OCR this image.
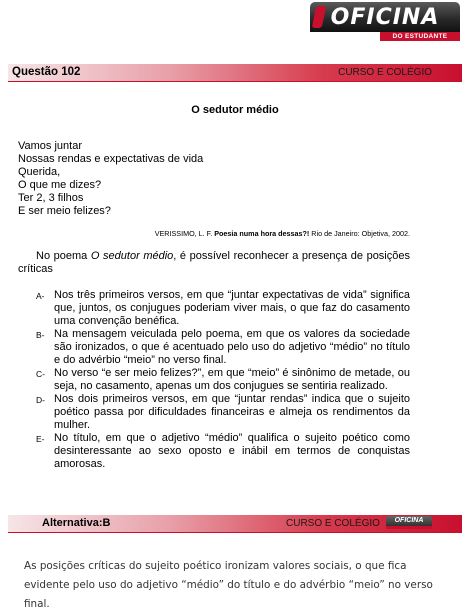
OFICINA
DO ESTUDANTE
Questão 102	CURSO E COLÉGIO
O sedutor médio
Vamos juntar
Nossas rendas e expectativas de vida
Querida,
O que me dizes?
Ter 2, 3 filhos
E ser meio felizes?
VERISSIMO, L. F. Poesia numa hora dessas?! Rio de Janeiro: Objetiva, 2002.
No poema O sedutor médio, é possível reconhecer a presença de posições críticas
A- Nos três primeiros versos, em que “juntar expectativas de vida” significa que, juntos, os conjugues poderiam viver mais, o que faz do casamento uma convenção benéfica.
B- Na mensagem veiculada pelo poema, em que os valores da sociedade são ironizados, o que é acentuado pelo uso do adjetivo “médio” no título e do advérbio “meio” no verso final.
C- No verso “e ser meio felizes?”, em que “meio” é sinônimo de metade, ou seja, no casamento, apenas um dos conjugues se sentiria realizado.
D- Nos dois primeiros versos, em que “juntar rendas” indica que o sujeito poético passa por dificuldades financeiras e almeja os rendimentos da mulher.
E- No título, em que o adjetivo “médio” qualifica o sujeito poético como desinteressante ao sexo oposto e inábil em termos de conquistas amorosas.
Alternativa:B	CURSO E COLÉGIO	OFICINA
As posições críticas do sujeito poético ironizam valores sociais, o que fica evidente pelo uso do adjetivo “médio” do título e do advérbio “meio” no verso final.
